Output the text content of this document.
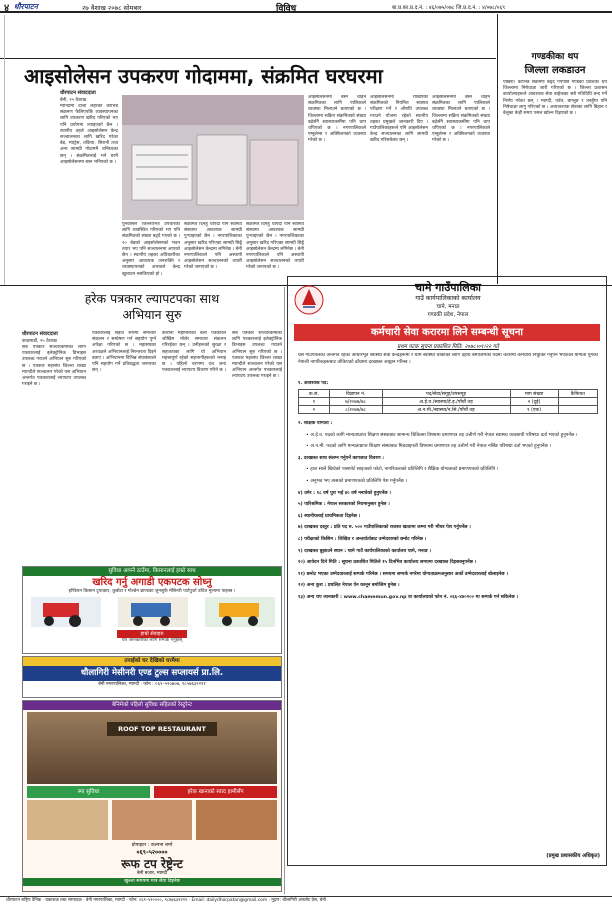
४ धौरपाटन	२७ वैशाख २०७८ सोमबार	विविध	बा.प्र.का.प्र.द.नं. : ४६/०७५/०७८ जि.प्र.द.नं. : ४/०७८/०६९
आइसोलेसन उपकरण गोदाममा, संक्रमित घरघरमा
धौरपाटन संवाददाता
बेनी, २५ वैशाख
म्याग्दीमा दोश्रो लहरको कोभिड संक्रमण फैलिएपछि व्यवस्थापनका लागि उपकरण खरिद गरिएको भए पनि प्रयोगमा ल्याइएको छैन । स्थानीय तहले आइसोलेसन केन्द्र सञ्चालनका लागि खरिद गरेका बेड, म्याट्रेस, तकिया, सिरानी तथा अन्य सामग्री गोदाममै थन्किएका छन् । संक्रमितलाई भने घरमै आइसोलेसनमा बस्न भनिएको छ ।
पुनर्वासले जिल्लाभित्र उपचारका लागि व्यवस्थित गरिएको भए पनि संक्रमितको संख्या बढ्दै गएको छ । २० बेडको आइसोलेसनको भवन तयार भए पनि सञ्चालनमा आएको छैन । स्थानीय तहका अधिकारीका अनुसार आवश्यक जनशक्ति र व्यवस्थापनको अभावले केन्द्र खुलाउन नसकिएको हो ।
संक्रमित दिनहुँ थपिँदा पनि स्वास्थ्य संस्थामा आवश्यक सामग्री पुर्‍याइएको छैन । नगरपालिकाका अनुसार खरिद गरिएका सामग्री छिट्टै आइसोलेसन केन्द्रमा लगिनेछ । बेनी नगरपालिकाले पनि अस्थायी आइसोलेसन सञ्चालनको तयारी गरेको जनाएको छ ।
संक्रमित दिनहुँ थपिँदा पनि स्वास्थ्य संस्थामा आवश्यक सामग्री पुर्‍याइएको छैन । नगरपालिकाका अनुसार खरिद गरिएका सामग्री छिट्टै आइसोलेसन केन्द्रमा लगिनेछ । बेनी नगरपालिकाले पनि अस्थायी आइसोलेसन सञ्चालनको तयारी गरेको जनाएको छ ।
आइसोलेसनमा बस्न चाहने संक्रमितका लागि पालिकाले व्यवस्था मिलाउने बताएको छ । जिल्लामा सक्रिय संक्रमितको संख्या बढेसँगै स्वास्थ्यकर्मीमा पनि चाप थपिएको छ । नगरपालिकाले एम्बुलेन्स र अक्सिजनको व्यवस्था गरेको छ ।
आइसोलेसनमा राखिएका संक्रमितको नियमित स्वास्थ्य परीक्षण गर्ने र औषधि उपलब्ध गराउने योजना रहेको स्थानीय तहका प्रमुखले जानकारी दिए । गाउँपालिकाहरूले पनि आइसोलेसन केन्द्र सञ्चालनका लागि सामग्री खरिद गरिसकेका छन् ।
आइसोलेसनमा बस्न चाहने संक्रमितका लागि पालिकाले व्यवस्था मिलाउने बताएको छ । जिल्लामा सक्रिय संक्रमितको संख्या बढेसँगै स्वास्थ्यकर्मीमा पनि चाप थपिएको छ । नगरपालिकाले एम्बुलेन्स र अक्सिजनको व्यवस्था गरेको छ ।
गण्डकीका थप
जिल्ला लकडाउन
पोखरा। कोभिड संक्रमण बढ्दै गएपछि गण्डकी प्रदेशका थप जिल्लामा निषेधाज्ञा जारी गरिएको छ । जिल्ला प्रशासन कार्यालयहरूले आवश्यक सेवा बाहेकका सबै गतिविधि बन्द गर्ने निर्णय गरेका छन् । म्याग्दी, पर्वत, बाग्लुङ र तनहुँमा पनि निषेधाज्ञा लागु गरिएको छ । अत्यावश्यक सेवाका लागि बिहान र बेलुका केही समय पसल खोल्न दिइएको छ ।
हरेक पत्रकार ल्यापटपका साथ
अभियान सुरु
धौरपाटन संवाददाता
काठमाडौं, २५ वैशाख
सबै पत्रकार सञ्चारकर्मीका लागि पत्रकारलाई इलेक्ट्रोनिक डिभाइस उपलब्ध गराउने अभियान सुरु गरिएको छ । पत्रकार महासंघ जिल्ला शाखा म्याग्दीले सञ्चालन गरेको यस अभियान अन्तर्गत पत्रकारलाई ल्यापटप उपलब्ध गराइने छ ।
पत्रकारलाई सहज रूपमा समाचार संकलन र सम्प्रेषण गर्न सहयोग पुग्ने अपेक्षा गरिएको छ । महासंघका अध्यक्षले अभियानलाई निरन्तरता दिइने बताए । अभियानमा विभिन्न संघसंस्थाले पनि सहयोग गर्ने प्रतिबद्धता जनाएका छन् ।
कोरोना महामारीका बेला पत्रकारले जोखिम मोलेर समाचार संकलन गरिरहेका छन् । उनीहरूको सुरक्षा र सहजताका लागि यो अभियान महत्त्वपूर्ण रहेको सहभागीहरूको भनाइ छ । पहिलो चरणमा दश जना पत्रकारलाई ल्यापटप वितरण गरिने छ ।
सबै पत्रकार सञ्चारकर्मीका लागि पत्रकारलाई इलेक्ट्रोनिक डिभाइस उपलब्ध गराउने अभियान सुरु गरिएको छ । पत्रकार महासंघ जिल्ला शाखा म्याग्दीले सञ्चालन गरेको यस अभियान अन्तर्गत पत्रकारलाई ल्यापटप उपलब्ध गराइने छ ।
सुविधा आफ्नै ठाउँमा, किसानलाई हाम्रो साथ
खरिद गर्नु अगाडी एकपटक सोध्नु
इण्डियन किसान ट्र्याक्टर, कुबोटा र गोल्डेन ब्राण्डका जुनसुकै मेसिनरी पार्टपुर्जा उचित मूल्यमा पाइन्छ ।
हाम्रो सेवाहरु
थप जानकारीका लागि सम्पर्क गर्नुहोस्
तपाईंको घर देखिको घरमैमा
धौलागिरी मेसीनरी एण्ड टुल्स सप्लायर्स प्रा.लि.
बेनी नगरपालिका, म्याग्दी · फोन : ०६९–५२०७०७, ९८५७६३२२११
बेनिमेको पहिलो सुविधा सहितको रेस्टुरेन्ट
ROOF TOP RESTAURANT
स्पा सुविधा	हरेक खानाको स्वाद हामीसँग
प्रोपाइटर : कल्पना शर्मा
०६९–५२००००
रूफ टप रेष्ट्रेन्ट
बेनी बजार, म्याग्दी
खुल्ला समयमा मात्र सेवा दिइनेछ
चामे गाउँपालिका
गाउँ कार्यपालिकाको कार्यालय
चामे, मनाङ
गण्डकी प्रदेश, नेपाल
कर्मचारी सेवा करारमा लिने सम्बन्धी सूचना
प्रथम पटक सूचना प्रकाशित मिति: २०७८।०१।२२ गते
यस गाउँपालिका अन्तर्गत रहेका आधारभूत स्वास्थ्य सेवा केन्द्रहरूमा र चामे स्वास्थ्य चौकीको लागि देहाय बमोजिमको पदमा करारमा कर्मचारी नियुक्ति गर्नुपर्ने भएकाले योग्यता पुगेका नेपाली नागरिकहरूबाट तोकिएको ढाँचामा दरखास्त आह्वान गरिन्छ ।
१. आवश्यक पद:
क.सं.	विज्ञापन नं.	पद/सेवा/समूह/उपसमूह	माग संख्या	कैफियत
१	७/२०७७/७८	अ.हे.व./स्वास्थ्य/हे.इ./पाँचौं तह	२ (दुई)	
२	८/२०७७/७८	अ.न.मी./स्वास्थ्य/न.सि./पाँचौं तह	१ (एक)	
२. शैक्षिक योग्यता :
• अ.हे.व. पदको लागि मान्यताप्राप्त शिक्षण संस्थाबाट सामान्य चिकित्सा विषयमा प्रमाणपत्र तह उत्तीर्ण गरी नेपाल स्वास्थ्य व्यवसायी परिषद्मा दर्ता भएको हुनुपर्नेछ ।
• अ.न.मी. पदको लागि मान्यताप्राप्त शिक्षण संस्थाबाट मिडवाइफरी विषयमा प्रमाणपत्र तह उत्तीर्ण गरी नेपाल नर्सिङ परिषद्मा दर्ता भएको हुनुपर्नेछ ।
३. दरखास्त साथ संलग्न गर्नुपर्ने कागजात विवरण :
• हाल सालै खिचेको पासपोर्ट साइजको फोटो, नागरिकताको प्रतिलिपि र शैक्षिक योग्यताको प्रमाणपत्रको प्रतिलिपि ।
• अनुभव भए त्यसको प्रमाणपत्रको प्रतिलिपि पेश गर्नुपर्नेछ ।
४) उमेर : १८ वर्ष पुरा भई ४० वर्ष ननाघेको हुनुपर्नेछ ।
५) पारिश्रमिक : नेपाल सरकारको नियमानुसार हुनेछ ।
६) स्थानीयलाई प्राथमिकता दिइनेछ ।
७) दरखास्त दस्तुर : प्रति पद रु. ५०० गाउँपालिकाको राजस्व खातामा जम्मा गरी भौचर पेश गर्नुपर्नेछ ।
८) परीक्षाको किसिम : लिखित र अन्तर्वार्ताबाट उम्मेदवारको छनोट गरिनेछ ।
९) दरखास्त बुझाउने स्थान : चामे गाउँ कार्यपालिकाको कार्यालय चामे, मनाङ ।
१०) आवेदन दिने मिति : सूचना प्रकाशित मितिले १५ दिनभित्र कार्यालय समयमा दरखास्त दिइसक्नुपर्नेछ ।
११) छनोट भएका उम्मेदवारलाई सम्पर्क गरिनेछ । समयमा सम्पर्क नगरेमा योग्यताक्रमअनुसार अर्को उम्मेदवारलाई बोलाइनेछ ।
१२) अन्य कुरा : प्रचलित नेपाल ऐन कानून बमोजिम हुनेछ ।
१३) अन्य थप जानकारी : www.chamemun.gov.np वा कार्यालयको फोन नं. ०६६–४४०१०० मा सम्पर्क गर्न सकिनेछ ।
(प्रमुख प्रशासकीय अधिकृत)
धौरपाटन राष्ट्रिय दैनिक · प्रकाशक तथा सम्पादक · बेनी नगरपालिका, म्याग्दी · फोन: ०६९–५२००००, ९८४७६३२२११ · Email: dailydhorpatan@gmail.com · मुद्रण: धौलागिरी अफसेट प्रेस, बेनी
